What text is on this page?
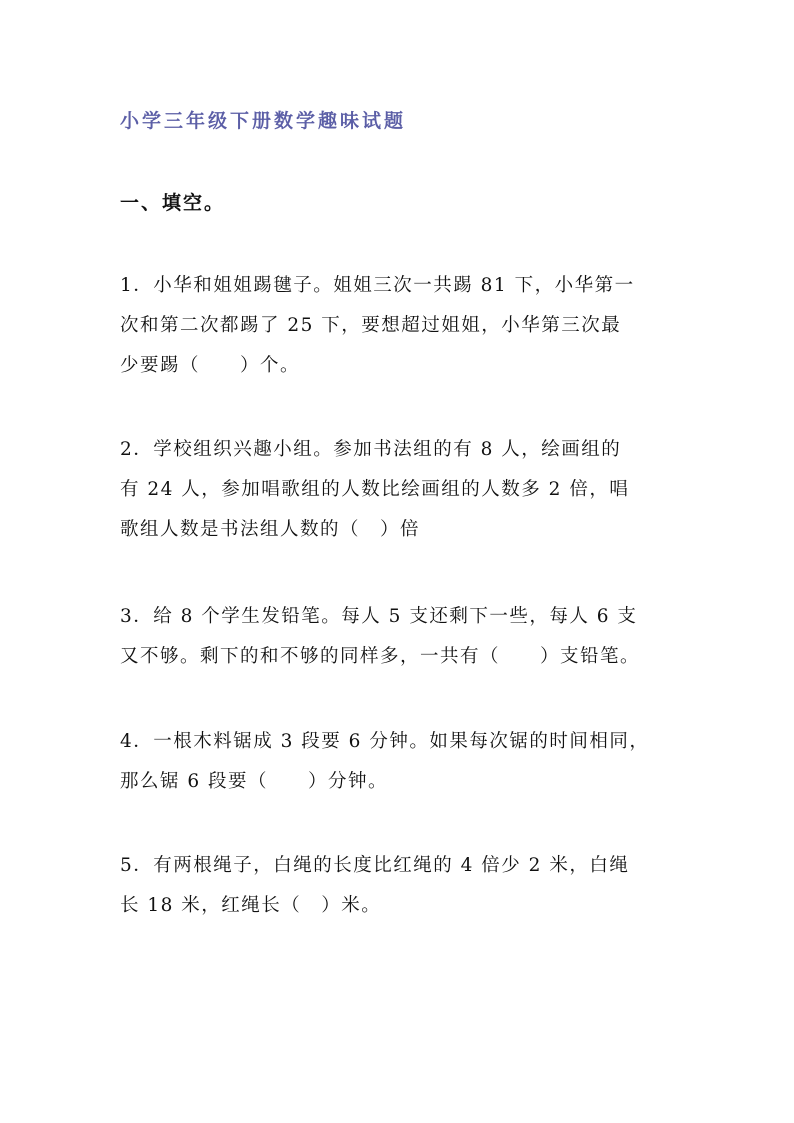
小学三年级下册数学趣味试题
一、填空。
1．小华和姐姐踢毽子。姐姐三次一共踢 81 下，小华第一
次和第二次都踢了 25 下，要想超过姐姐，小华第三次最
少要踢（　　）个。
2．学校组织兴趣小组。参加书法组的有 8 人，绘画组的
有 24 人，参加唱歌组的人数比绘画组的人数多 2 倍，唱
歌组人数是书法组人数的（　）倍
3．给 8 个学生发铅笔。每人 5 支还剩下一些，每人 6 支
又不够。剩下的和不够的同样多，一共有（　　）支铅笔。
4．一根木料锯成 3 段要 6 分钟。如果每次锯的时间相同，
那么锯 6 段要（　　）分钟。
5．有两根绳子，白绳的长度比红绳的 4 倍少 2 米，白绳
长 18 米，红绳长（　）米。
